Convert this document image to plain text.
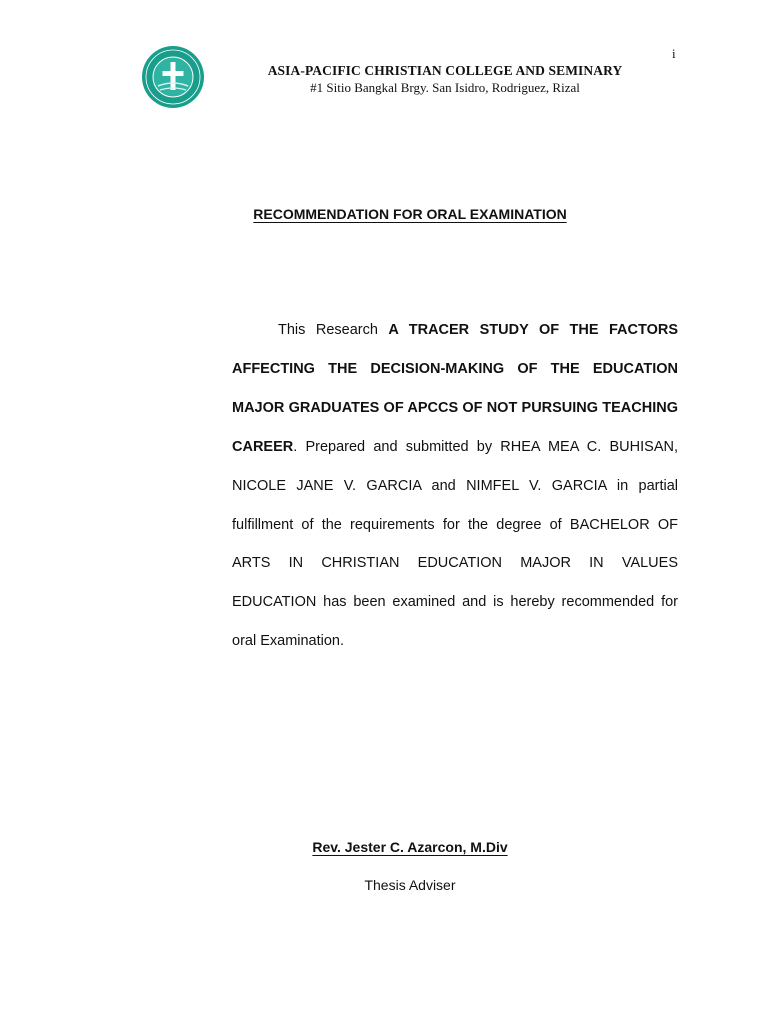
i
ASIA-PACIFIC CHRISTIAN COLLEGE AND SEMINARY
#1 Sitio Bangkal Brgy. San Isidro, Rodriguez, Rizal
RECOMMENDATION FOR ORAL EXAMINATION

This Research A TRACER STUDY OF THE FACTORS AFFECTING THE DECISION-MAKING OF THE EDUCATION MAJOR GRADUATES OF APCCS OF NOT PURSUING TEACHING CAREER. Prepared and submitted by RHEA MEA C. BUHISAN, NICOLE JANE V. GARCIA and NIMFEL V. GARCIA in partial fulfillment of the requirements for the degree of BACHELOR OF ARTS IN CHRISTIAN EDUCATION MAJOR IN VALUES EDUCATION has been examined and is hereby recommended for oral Examination.

Rev. Jester C. Azarcon, M.Div
Thesis Adviser
